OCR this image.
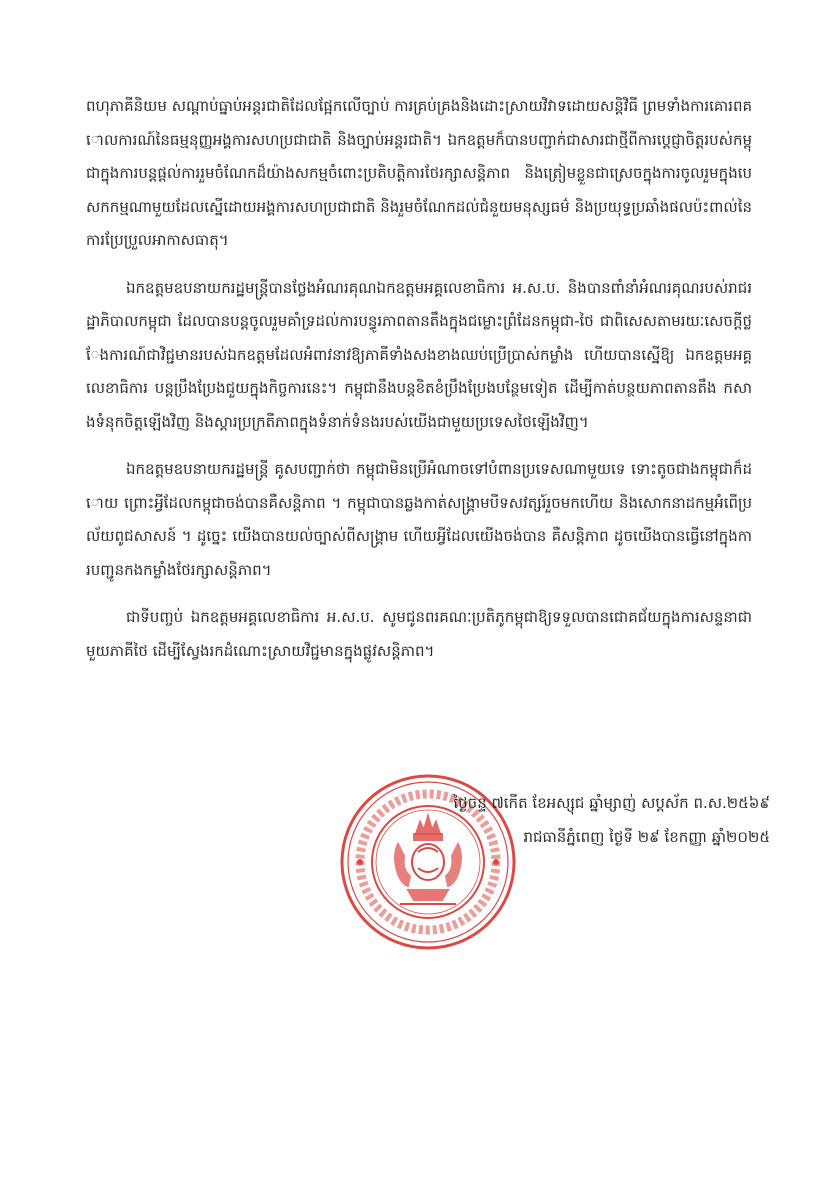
ពហុភាគីនិយម សណ្តាប់ធ្នាប់អន្តរជាតិដែលផ្អែកលើច្បាប់ ការគ្រប់គ្រងនិងដោះស្រាយវិវាទដោយសន្តិវិធី ព្រមទាំងការគោរពគោលការណ៍នៃធម្មនុញ្ញអង្គការសហប្រជាជាតិ និងច្បាប់អន្តរជាតិ។ ឯកឧត្តមក៏បានបញ្ជាក់ជាសារជាថ្មីពីការប្តេជ្ញាចិត្តរបស់កម្ពុជាក្នុងការបន្តផ្តល់ការរួមចំណែកដ៏យ៉ាងសកម្មចំពោះប្រតិបត្តិការថែរក្សាសន្តិភាព និងត្រៀមខ្លួនជាស្រេចក្នុងការចូលរួមក្នុងបេសកកម្មណាមួយដែលស្នើដោយអង្គការសហប្រជាជាតិ និងរួមចំណែកដល់ជំនួយមនុស្សធម៌ និងប្រយុទ្ធប្រឆាំងផលប៉ះពាល់នៃការប្រែប្រួលអាកាសធាតុ។

ឯកឧត្តមឧបនាយករដ្ឋមន្ត្រីបានថ្លែងអំណរគុណឯកឧត្តមអគ្គលេខាធិការ អ.ស.ប. និងបានពាំនាំអំណរគុណរបស់រាជរដ្ឋាភិបាលកម្ពុជា ដែលបានបន្តចូលរួមគាំទ្រដល់ការបន្ធូរភាពតានតឹងក្នុងជម្លោះព្រំដែនកម្ពុជា-ថៃ ជាពិសេសតាមរយៈសេចក្តីថ្លែងការណ៍ជាវិជ្ជមានរបស់ឯកឧត្តមដែលអំពាវនាវឱ្យភាគីទាំងសងខាងឈប់ប្រើប្រាស់កម្លាំង ហើយបានស្នើឱ្យ ឯកឧត្តមអគ្គលេខាធិការ បន្តប្រឹងប្រែងជួយក្នុងកិច្ចការនេះ។ កម្ពុជានឹងបន្តខិតខំប្រឹងប្រែងបន្ថែមទៀត ដើម្បីកាត់បន្ថយភាពតានតឹង កសាងទំនុកចិត្តឡើងវិញ និងស្តារប្រក្រតីភាពក្នុងទំនាក់ទំនងរបស់យើងជាមួយប្រទេសថៃឡើងវិញ។

ឯកឧត្តមឧបនាយករដ្ឋមន្ត្រី គូសបញ្ជាក់ថា កម្ពុជាមិនប្រើអំណាចទៅបំពានប្រទេសណាមួយទេ ទោះតូចជាងកម្ពុជាក៏ដោយ ព្រោះអ្វីដែលកម្ពុជាចង់បានគឺសន្តិភាព ។ កម្ពុជាបានឆ្លងកាត់សង្គ្រាមបីទសវត្សរ៍រួចមកហើយ និងសោកនាដកម្មអំពើប្រល័យពូជសាសន៍ ។ ដូច្នេះ យើងបានយល់ច្បាស់ពីសង្គ្រាម ហើយអ្វីដែលយើងចង់បាន គឺសន្តិភាព ដូចយើងបានធ្វើនៅក្នុងការបញ្ជូនកងកម្លាំងថែរក្សាសន្តិភាព។

ជាទីបញ្ចប់ ឯកឧត្តមអគ្គលេខាធិការ អ.ស.ប. សូមជូនពរគណៈប្រតិភូកម្ពុជាឱ្យទទួលបានជោគជ័យក្នុងការសន្ទនាជាមួយភាគីថៃ ដើម្បីស្វែងរកដំណោះស្រាយវិជ្ជមានក្នុងផ្លូវសន្តិភាព។

ថ្ងៃចន្ទ ៧កើត ខែអស្សុជ ឆ្នាំម្សាញ់ សប្តស័ក ព.ស.២៥៦៩
រាជធានីភ្នំពេញ ថ្ងៃទី ២៩ ខែកញ្ញា ឆ្នាំ២០២៥
